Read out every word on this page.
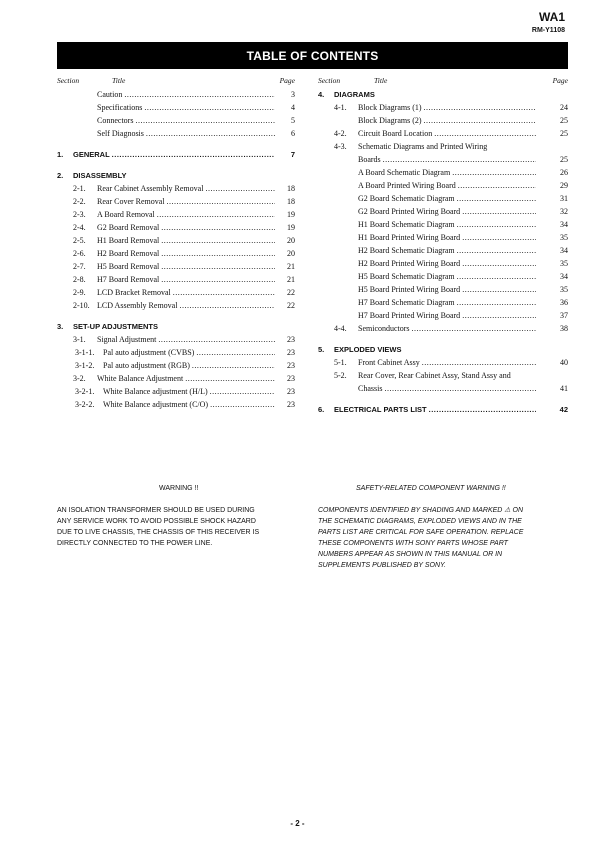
WA1
RM-Y1108
TABLE OF CONTENTS
Section	Title	Page
Caution .....	3
Specifications .....	4
Connectors .....	5
Self Diagnosis .....	6
1. GENERAL .....	7
2. DISASSEMBLY
2-1. Rear Cabinet Assembly Removal .....	18
2-2. Rear Cover Removal .....	18
2-3. A Board Removal .....	19
2-4. G2 Board Removal .....	19
2-5. H1 Board Removal .....	20
2-6. H2 Board Removal .....	20
2-7. H5 Board Removal .....	21
2-8. H7 Board Removal .....	21
2-9. LCD Bracket Removal .....	22
2-10. LCD Assembly Removal .....	22
3. SET-UP ADJUSTMENTS
3-1. Signal Adjustment .....	23
3-1-1. Pal auto adjustment (CVBS) .....	23
3-1-2. Pal auto adjustment (RGB) .....	23
3-2. White Balance Adjustment .....	23
3-2-1. White Balance adjustment (H/L) .....	23
3-2-2. White Balance adjustment (C/O) .....	23
Section	Title	Page
4. DIAGRAMS
4-1. Block Diagrams (1) .....	24
Block Diagrams (2) .....	25
4-2. Circuit Board Location .....	25
4-3. Schematic Diagrams and Printed Wiring
Boards .....	25
A Board Schematic Diagram .....	26
A Board Printed Wiring Board .....	29
G2 Board Schematic Diagram .....	31
G2 Board Printed Wiring Board .....	32
H1 Board Schematic Diagram .....	34
H1 Board Printed Wiring Board .....	35
H2 Board Schematic Diagram .....	34
H2 Board Printed Wiring Board .....	35
H5 Board Schematic Diagram .....	34
H5 Board Printed Wiring Board .....	35
H7 Board Schematic Diagram .....	36
H7 Board Printed Wiring Board .....	37
4-4. Semiconductors .....	38
5. EXPLODED VIEWS
5-1. Front Cabinet Assy .....	40
5-2. Rear Cover, Rear Cabinet Assy, Stand Assy and
Chassis .....	41
6. ELECTRICAL PARTS LIST .....	42
WARNING !!
AN ISOLATION TRANSFORMER SHOULD BE USED DURING
ANY SERVICE WORK TO AVOID POSSIBLE SHOCK HAZARD
DUE TO LIVE CHASSIS, THE CHASSIS OF THIS RECEIVER IS
DIRECTLY CONNECTED TO THE POWER LINE.
SAFETY-RELATED COMPONENT WARNING !!
COMPONENTS IDENTIFIED BY SHADING AND MARKED ⚠ ON
THE SCHEMATIC DIAGRAMS, EXPLODED VIEWS AND IN THE
PARTS LIST ARE CRITICAL FOR SAFE OPERATION. REPLACE
THESE COMPONENTS WITH SONY PARTS WHOSE PART
NUMBERS APPEAR AS SHOWN IN THIS MANUAL OR IN
SUPPLEMENTS PUBLISHED BY SONY.
- 2 -
